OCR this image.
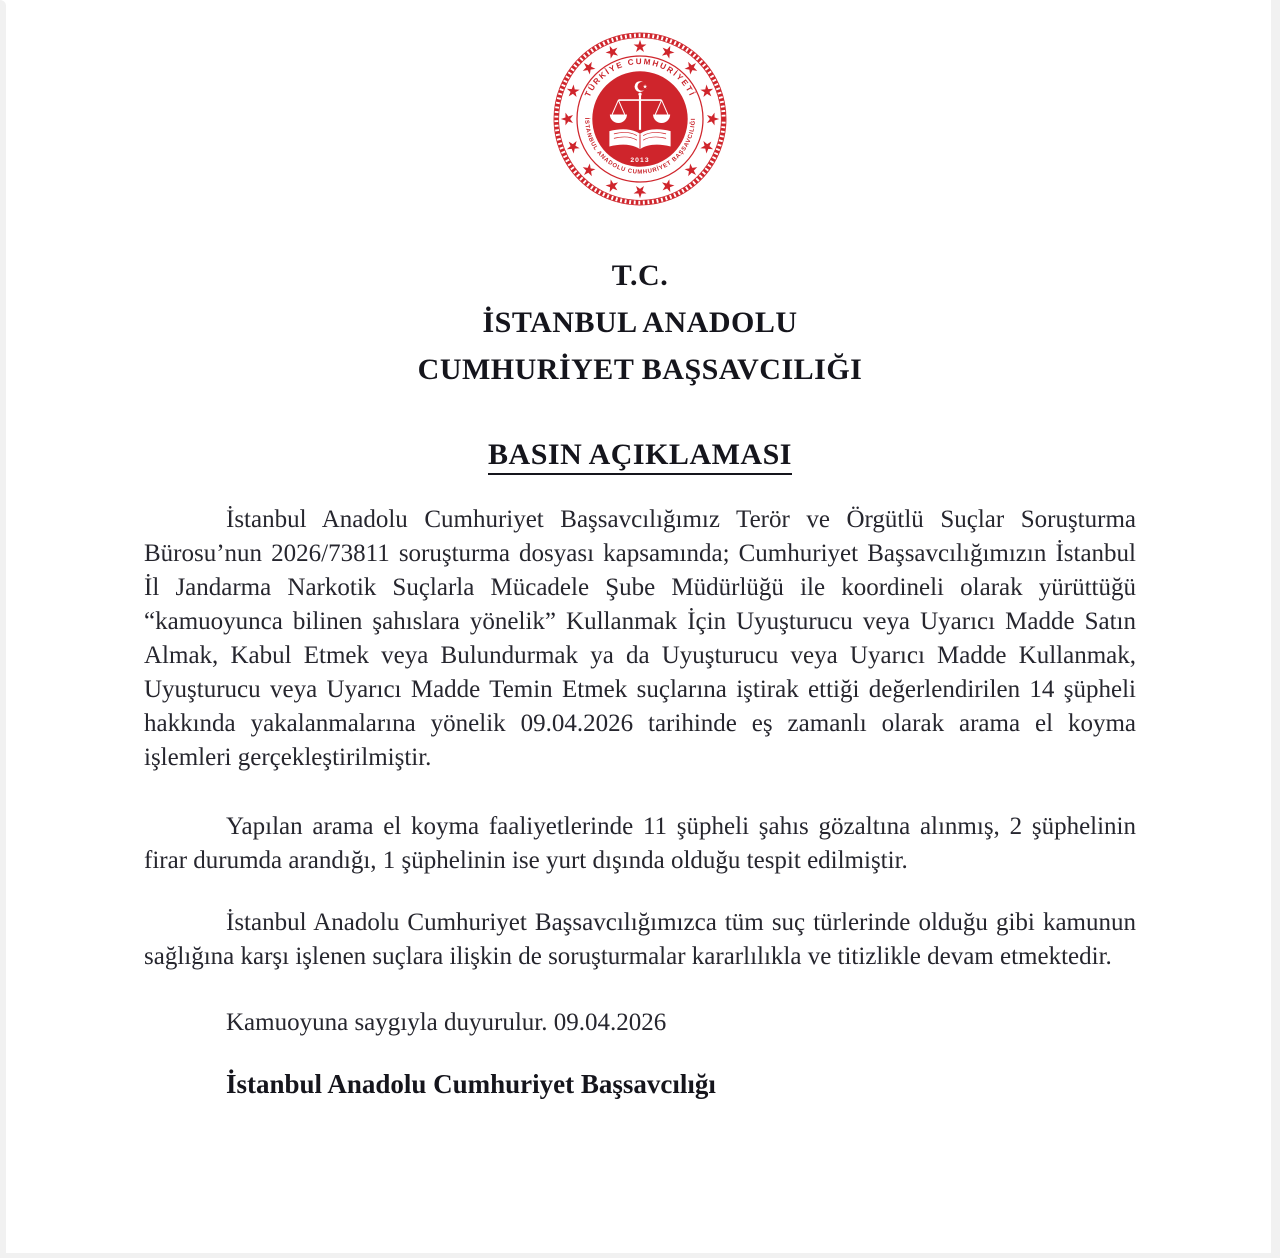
TÜRKİYE CUMHURİYETİ
İSTANBUL ANADOLU CUMHURİYET BAŞSAVCILIĞI
2013
T.C.
İSTANBUL ANADOLU
CUMHURİYET BAŞSAVCILIĞI
BASIN AÇIKLAMASI

İstanbul Anadolu Cumhuriyet Başsavcılığımız Terör ve Örgütlü Suçlar Soruşturma Bürosu’nun 2026/73811 soruşturma dosyası kapsamında; Cumhuriyet Başsavcılığımızın İstanbul İl Jandarma Narkotik Suçlarla Mücadele Şube Müdürlüğü ile koordineli olarak yürüttüğü “kamuoyunca bilinen şahıslara yönelik” Kullanmak İçin Uyuşturucu veya Uyarıcı Madde Satın Almak, Kabul Etmek veya Bulundurmak ya da Uyuşturucu veya Uyarıcı Madde Kullanmak, Uyuşturucu veya Uyarıcı Madde Temin Etmek suçlarına iştirak ettiği değerlendirilen 14 şüpheli hakkında yakalanmalarına yönelik 09.04.2026 tarihinde eş zamanlı olarak arama el koyma işlemleri gerçekleştirilmiştir.

Yapılan arama el koyma faaliyetlerinde 11 şüpheli şahıs gözaltına alınmış, 2 şüphelinin firar durumda arandığı, 1 şüphelinin ise yurt dışında olduğu tespit edilmiştir.

İstanbul Anadolu Cumhuriyet Başsavcılığımızca tüm suç türlerinde olduğu gibi kamunun sağlığına karşı işlenen suçlara ilişkin de soruşturmalar kararlılıkla ve titizlikle devam etmektedir.

Kamuoyuna saygıyla duyurulur. 09.04.2026

İstanbul Anadolu Cumhuriyet Başsavcılığı
